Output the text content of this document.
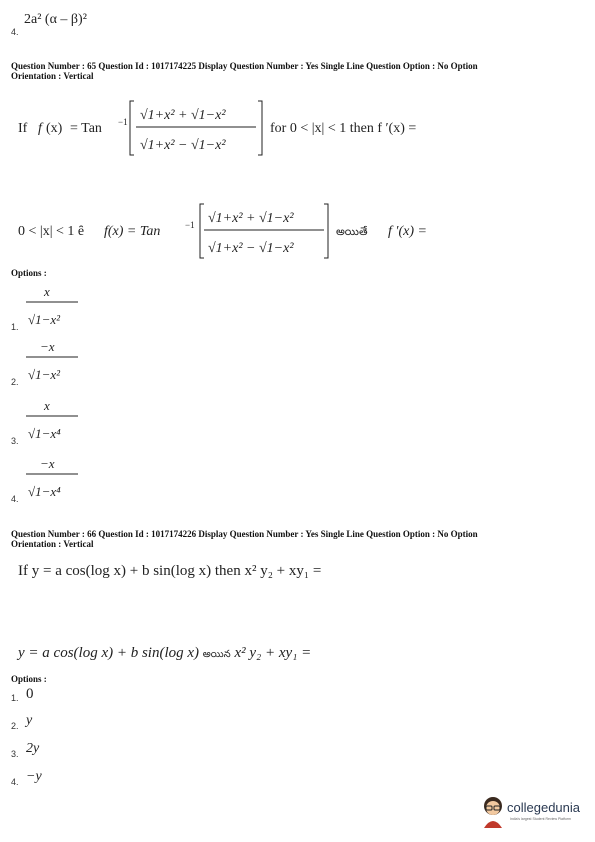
4.
2a² (α – β)²
Question Number : 65 Question Id : 1017174225 Display Question Number : Yes Single Line Question Option : No Option
Orientation : Vertical
If f (x) = Tan −1 √1+x² + √1−x²
√1+x² − √1−x²
for 0 < |x| < 1 then f ′(x) =
0 < |x| < 1 ȇ f(x) = Tan	−1 √1+x² + √1−x²
√1+x² − √1−x²
అయితే f ′(x) =
Options :
1.
x
√1−x²
2.
−x
√1−x²
3.
x
√1−x⁴
4.
−x
√1−x⁴
Question Number : 66 Question Id : 1017174226 Display Question Number : Yes Single Line Question Option : No Option
Orientation : Vertical
If y = a cos(log x) + b sin(log x) then x² y₂ + xy₁ =
y = a cos(log x) + b sin(log x) అయిన x² y₂ + xy₁ =
Options :
1. 0
2. y
3. 2y
4. −y
collegedunia
India's largest Student Review Platform
